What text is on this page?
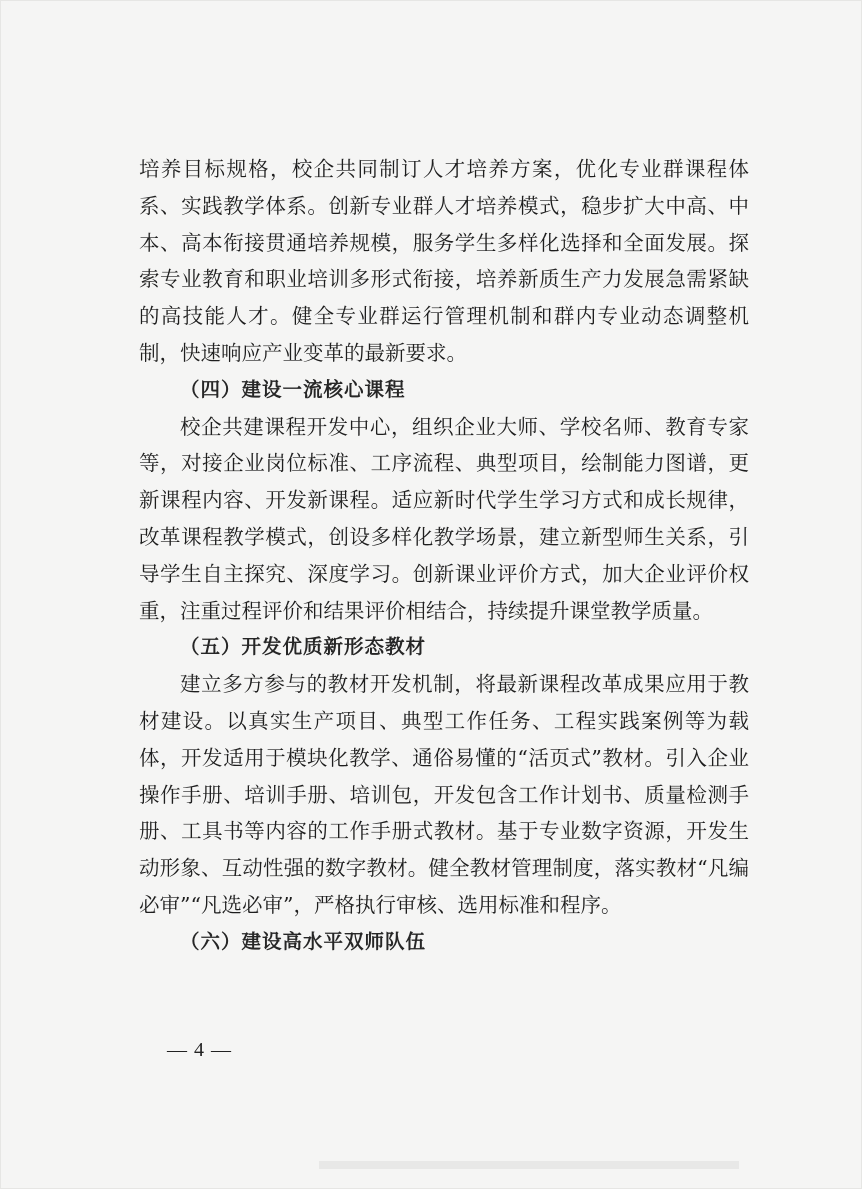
培养目标规格，校企共同制订人才培养方案，优化专业群课程体系、实践教学体系。创新专业群人才培养模式，稳步扩大中高、中本、高本衔接贯通培养规模，服务学生多样化选择和全面发展。探索专业教育和职业培训多形式衔接，培养新质生产力发展急需紧缺的高技能人才。健全专业群运行管理机制和群内专业动态调整机制，快速响应产业变革的最新要求。

（四）建设一流核心课程

校企共建课程开发中心，组织企业大师、学校名师、教育专家等，对接企业岗位标准、工序流程、典型项目，绘制能力图谱，更新课程内容、开发新课程。适应新时代学生学习方式和成长规律，改革课程教学模式，创设多样化教学场景，建立新型师生关系，引导学生自主探究、深度学习。创新课业评价方式，加大企业评价权重，注重过程评价和结果评价相结合，持续提升课堂教学质量。

（五）开发优质新形态教材

建立多方参与的教材开发机制，将最新课程改革成果应用于教材建设。以真实生产项目、典型工作任务、工程实践案例等为载体，开发适用于模块化教学、通俗易懂的“活页式”教材。引入企业操作手册、培训手册、培训包，开发包含工作计划书、质量检测手册、工具书等内容的工作手册式教材。基于专业数字资源，开发生动形象、互动性强的数字教材。健全教材管理制度，落实教材“凡编必审”“凡选必审”，严格执行审核、选用标准和程序。

（六）建设高水平双师队伍

— 4 —
